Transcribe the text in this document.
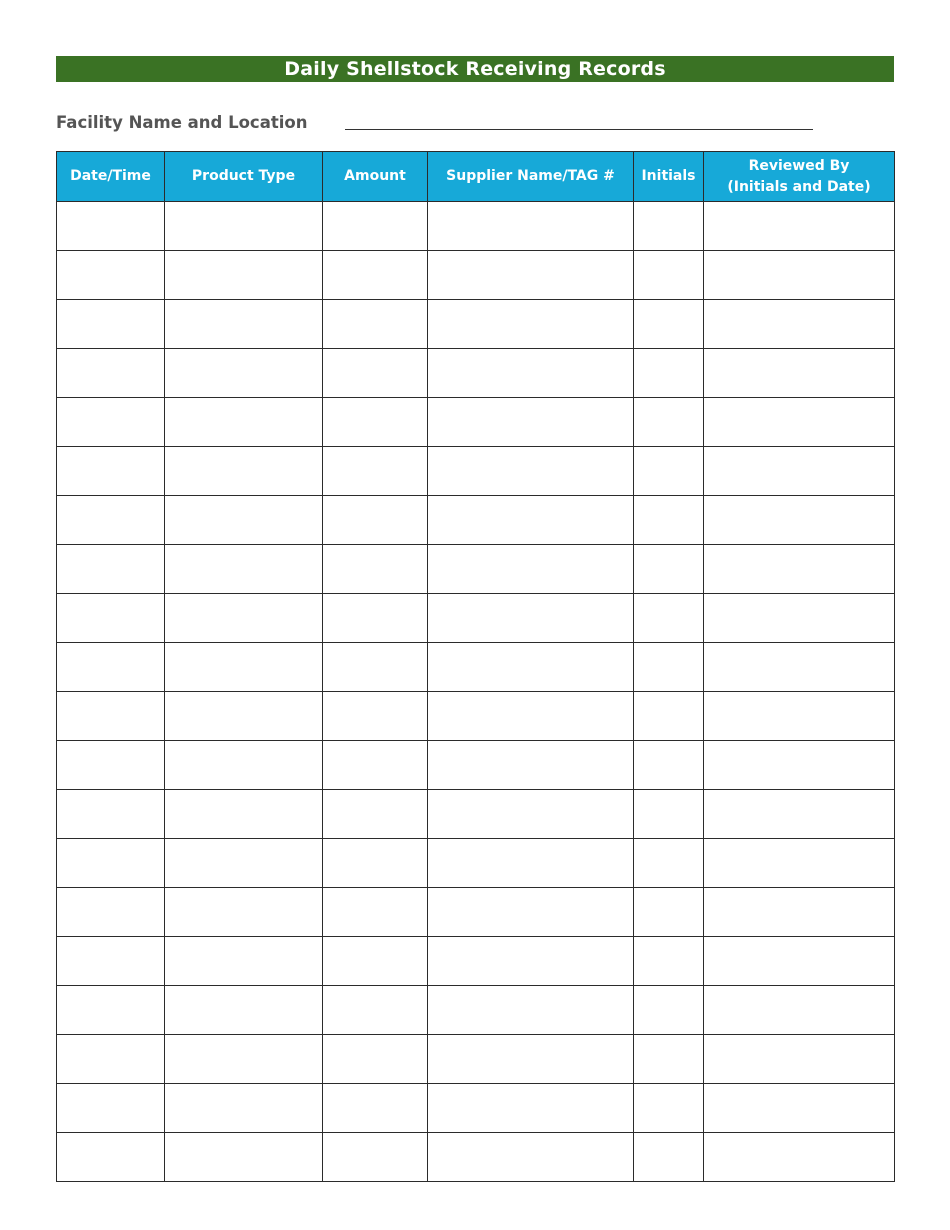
Daily Shellstock Receiving Records
Facility Name and Location
Date/Time	Product Type	Amount	Supplier Name/TAG #	Initials	Reviewed By
(Initials and Date)
